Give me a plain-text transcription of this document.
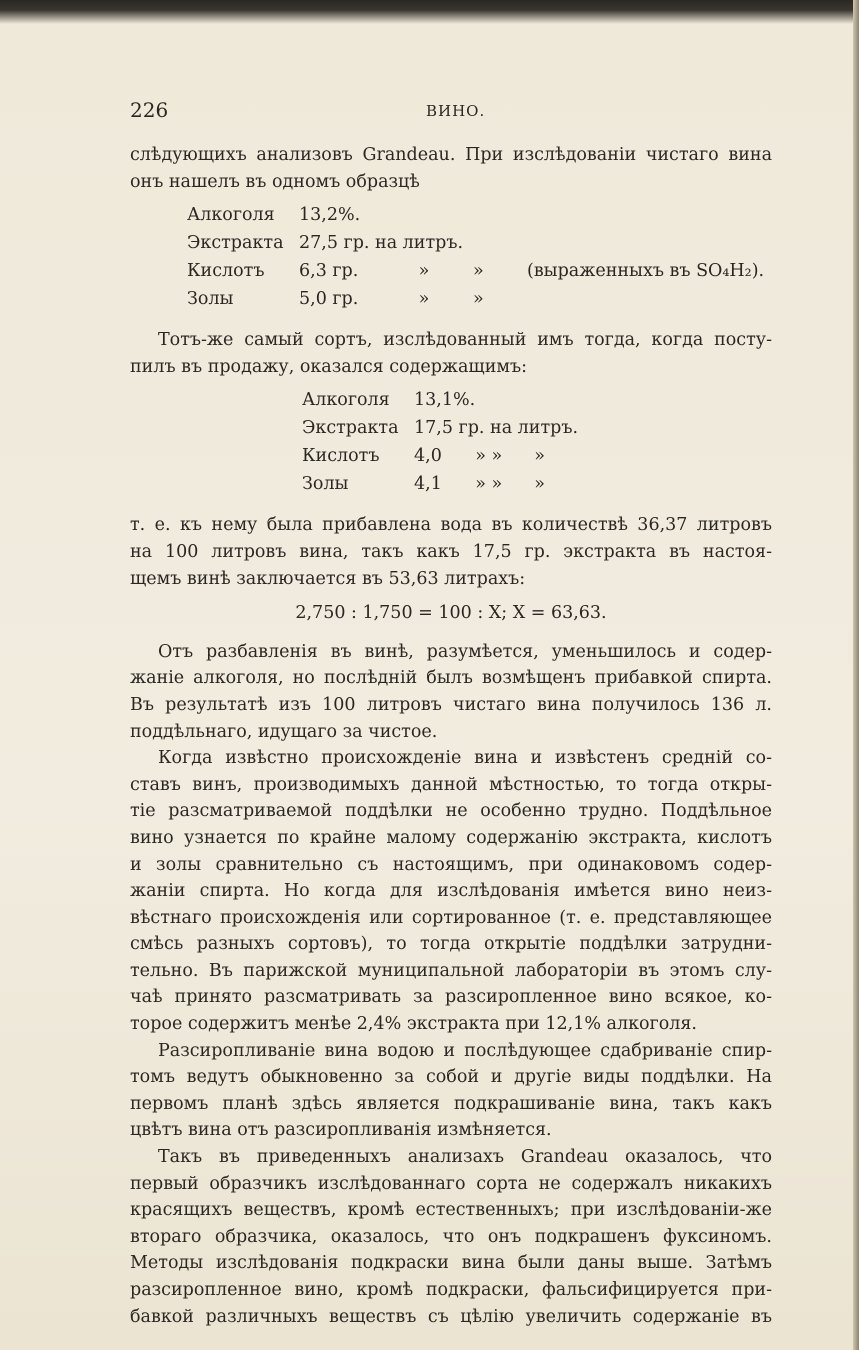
226	ВИНО.

слѣдующихъ анализовъ Grandeau. При изслѣдованіи чистаго вина

онъ нашелъ въ одномъ образцѣ

Алкоголя	13,2%.			
Экстракта	27,5 гр. на литръ.			
Кислотъ	6,3 гр.	»	»	(выраженныхъ въ SO₄H₂).
Золы	5,0 гр.	»	»	

Тотъ-же самый сортъ, изслѣдованный имъ тогда, когда посту-

пилъ въ продажу, оказался содержащимъ:

Алкоголя	13,1%.		
Экстракта	17,5 гр. на литръ.		
Кислотъ	4,0	» »	»
Золы	4,1	» »	»

т. е. къ нему была прибавлена вода въ количествѣ 36,37 литровъ

на 100 литровъ вина, такъ какъ 17,5 гр. экстракта въ настоя-

щемъ винѣ заключается въ 53,63 литрахъ:

2,750 : 1,750 = 100 : X; X = 63,63.

Отъ разбавленія въ винѣ, разумѣется, уменьшилось и содер-

жаніе алкоголя, но послѣдній былъ возмѣщенъ прибавкой спирта.

Въ результатѣ изъ 100 литровъ чистаго вина получилось 136 л.

поддѣльнаго, идущаго за чистое.

Когда извѣстно происхожденіе вина и извѣстенъ средній со-

ставъ винъ, производимыхъ данной мѣстностью, то тогда откры-

тіе разсматриваемой поддѣлки не особенно трудно. Поддѣльное

вино узнается по крайне малому содержанію экстракта, кислотъ

и золы сравнительно съ настоящимъ, при одинаковомъ содер-

жаніи спирта. Но когда для изслѣдованія имѣется вино неиз-

вѣстнаго происхожденія или сортированное (т. е. представляющее

смѣсь разныхъ сортовъ), то тогда открытіе поддѣлки затрудни-

тельно. Въ парижской муниципальной лабораторіи въ этомъ слу-

чаѣ принято разсматривать за разсиропленное вино всякое, ко-

торое содержитъ менѣе 2,4% экстракта при 12,1% алкоголя.

Разсиропливаніе вина водою и послѣдующее сдабриваніе спир-

томъ ведутъ обыкновенно за собой и другіе виды поддѣлки. На

первомъ планѣ здѣсь является подкрашиваніе вина, такъ какъ

цвѣтъ вина отъ разсиропливанія измѣняется.

Такъ въ приведенныхъ анализахъ Grandeau оказалось, что

первый образчикъ изслѣдованнаго сорта не содержалъ никакихъ

красящихъ веществъ, кромѣ естественныхъ; при изслѣдованіи-же

втораго образчика, оказалось, что онъ подкрашенъ фуксиномъ.

Методы изслѣдованія подкраски вина были даны выше. Затѣмъ

разсиропленное вино, кромѣ подкраски, фальсифицируется при-

бавкой различныхъ веществъ съ цѣлію увеличить содержаніе въ
